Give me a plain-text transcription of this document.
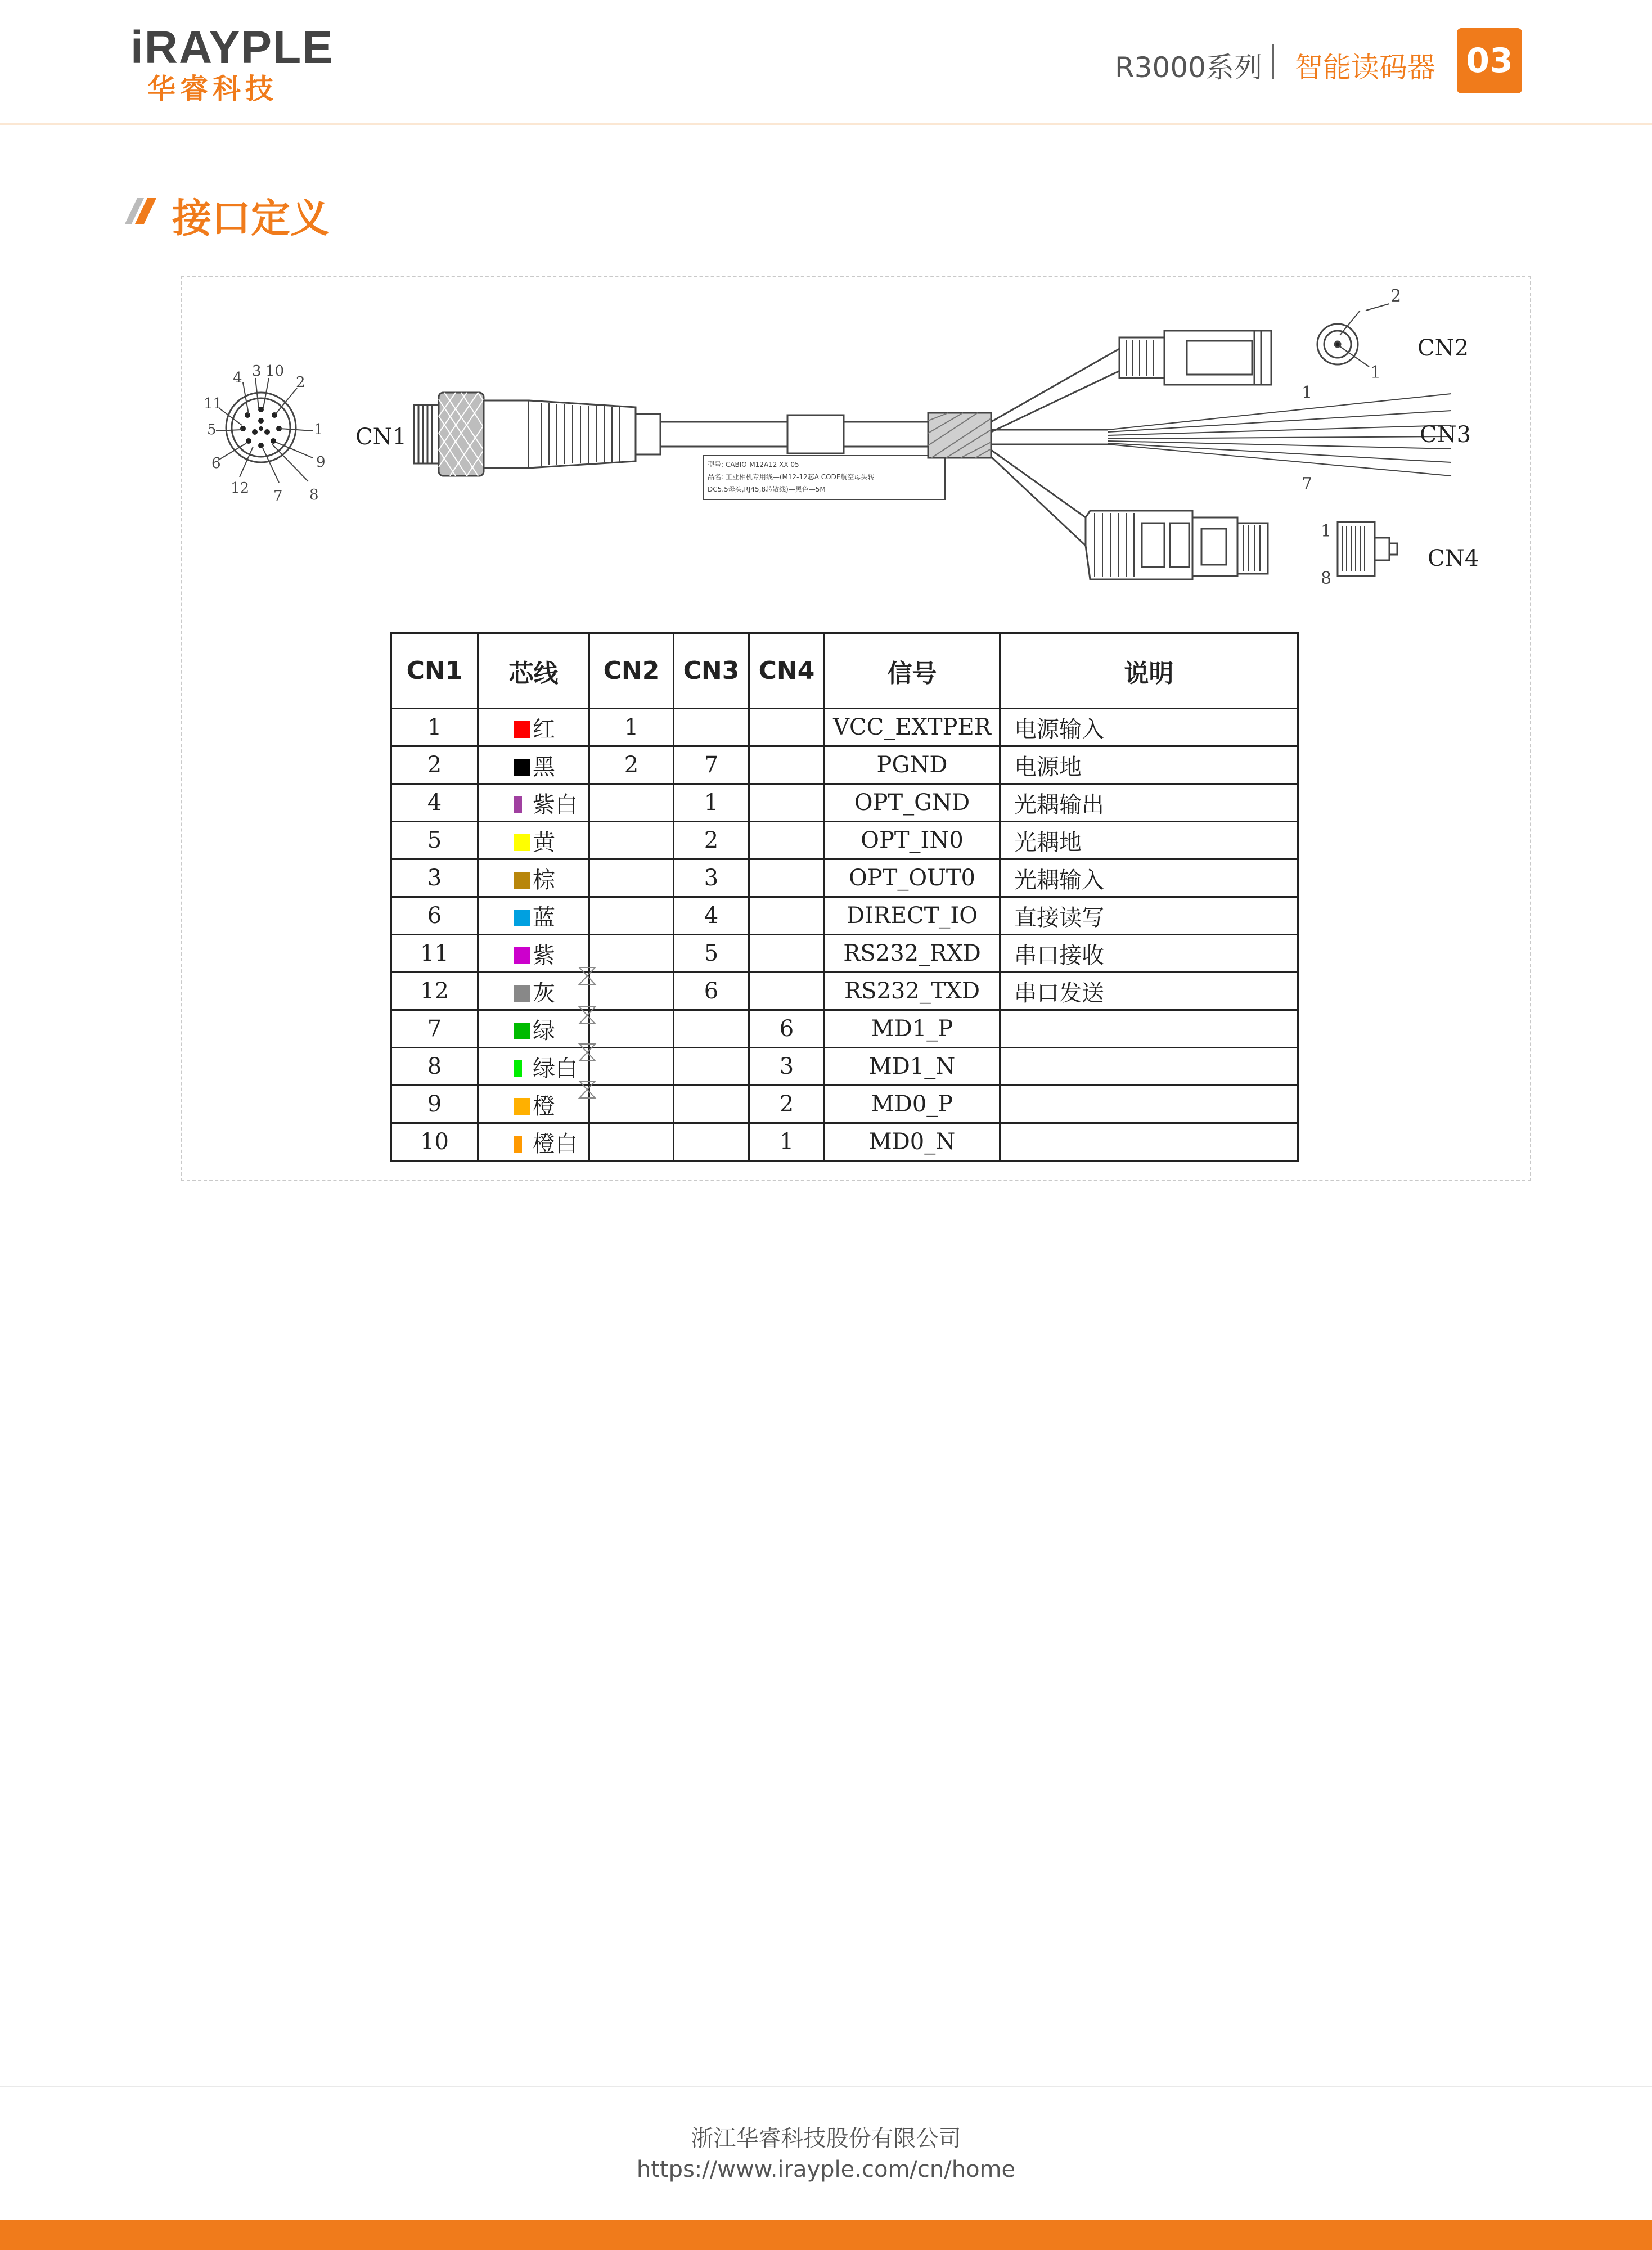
iRAYPLE
华睿科技
R3000系列 智能读码器 03
接口定义
3 10
4	2
11
1
5
9
6
12 7 8
CN1
型号: CABIO-M12A12-XX-05
品名: 工业相机专用线—(M12-12芯A CODE航空母头转
DC5.5母头,RJ45,8芯散线)—黑色—5M
2
1
CN2
1
7
CN3
1
8
CN4
CN1	芯线	CN2	CN3	CN4	信号	说明
1	红	1			VCC_EXTPER	电源输入
2	黑	2	7		PGND	电源地
4	紫白		1		OPT_GND	光耦输出
5	黄		2		OPT_IN0	光耦地
3	棕		3		OPT_OUT0	光耦输入
6	蓝		4		DIRECT_IO	直接读写
11	紫		5		RS232_RXD	串口接收
12	灰		6		RS232_TXD	串口发送
7	绿			6	MD1_P	
8	绿白			3	MD1_N	
9	橙			2	MD0_P	
10	橙白			1	MD0_N	
浙江华睿科技股份有限公司
https://www.irayple.com/cn/home
